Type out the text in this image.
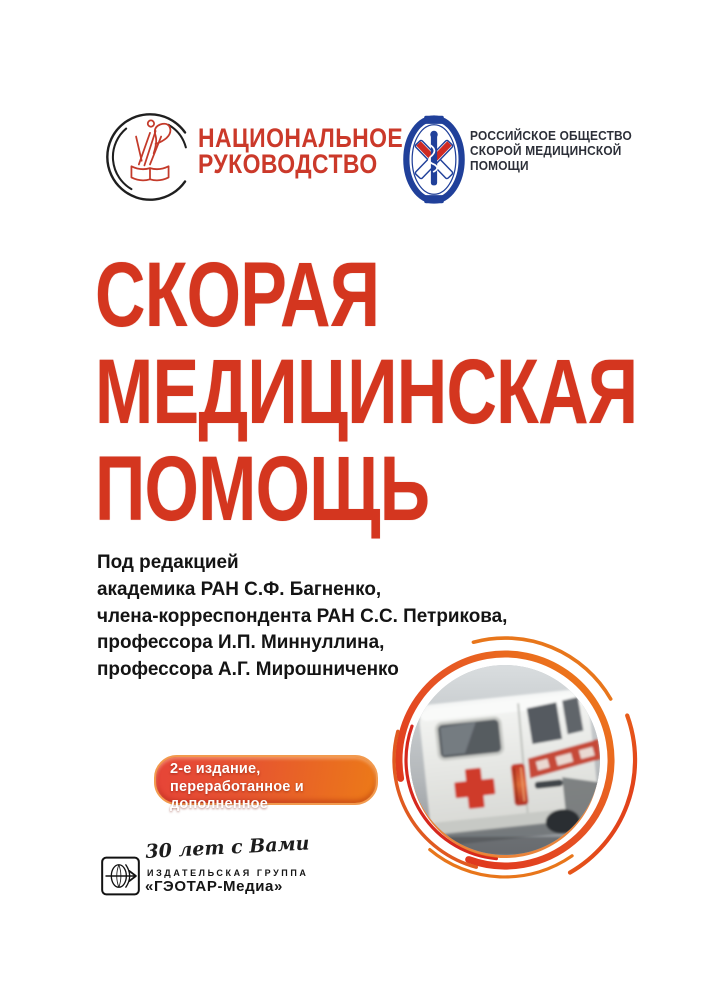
НАЦИОНАЛЬНОЕ
РУКОВОДСТВО
РОССИЙСКОЕ ОБЩЕСТВО
СКОРОЙ МЕДИЦИНСКОЙ
ПОМОЩИ
СКОРАЯ
МЕДИЦИНСКАЯ
ПОМОЩЬ
Под редакцией
академика РАН С.Ф. Багненко,
члена-корреспондента РАН С.С. Петрикова,
профессора И.П. Миннуллина,
профессора А.Г. Мирошниченко
2-е издание,
переработанное и дополненное
30 лет с Вами
ИЗДАТЕЛЬСКАЯ ГРУППА
«ГЭОТАР-Медиа»
